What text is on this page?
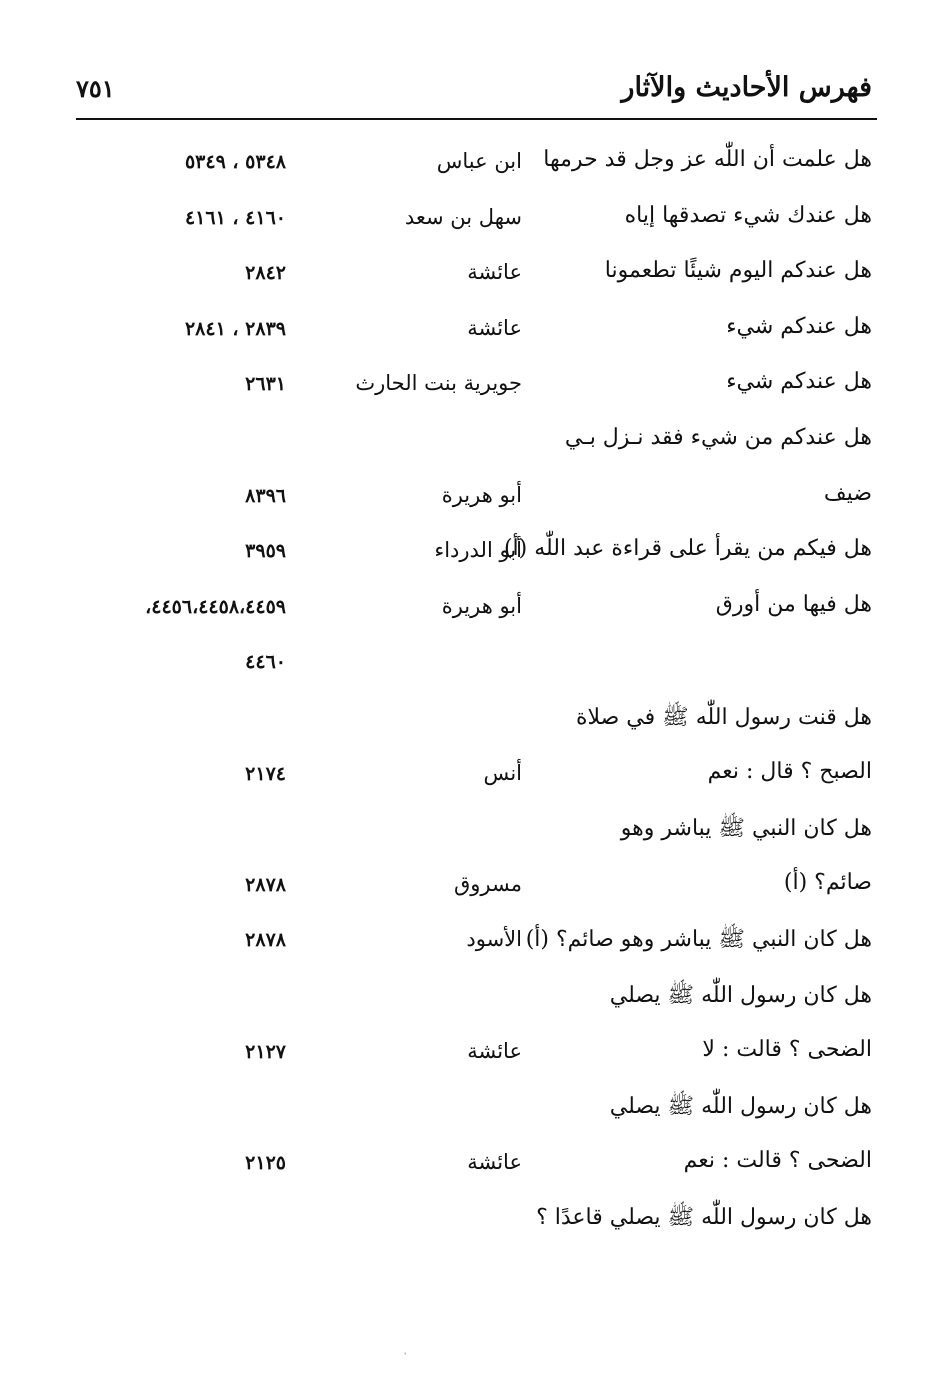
فهرس الأحاديث والآثار
٧٥١
هل علمت أن اللّٰه عز وجل قد حرمها
ابن عباس
٥٣٤٨ ، ٥٣٤٩
هل عندك شيء تصدقها إياه
سهل بن سعد
٤١٦٠ ، ٤١٦١
هل عندكم اليوم شيئًا تطعمونا
عائشة
٢٨٤٢
هل عندكم شيء
عائشة
٢٨٣٩ ، ٢٨٤١
هل عندكم شيء
جويرية بنت الحارث
٢٦٣١
هل عندكم من شيء فقد نـزل بـي
ضيف
أبو هريرة
٨٣٩٦
هل فيكم من يقرأ على قراءة عبد اللّٰه (أ)
أبو الدرداء
٣٩٥٩
هل فيها من أورق
أبو هريرة
٤٤٥٦،٤٤٥٨،٤٤٥٩،
٤٤٦٠
هل قنت رسول اللّٰه ﷺ في صلاة
الصبح ؟ قال : نعم
أنس
٢١٧٤
هل كان النبي ﷺ يباشر وهو
صائم؟ (أ)
مسروق
٢٨٧٨
هل كان النبي ﷺ يباشر وهو صائم؟ (أ)
الأسود
٢٨٧٨
هل كان رسول اللّٰه ﷺ يصلي
الضحى ؟ قالت : لا
عائشة
٢١٢٧
هل كان رسول اللّٰه ﷺ يصلي
الضحى ؟ قالت : نعم
عائشة
٢١٢٥
هل كان رسول اللّٰه ﷺ يصلي قاعدًا ؟
ˈ
